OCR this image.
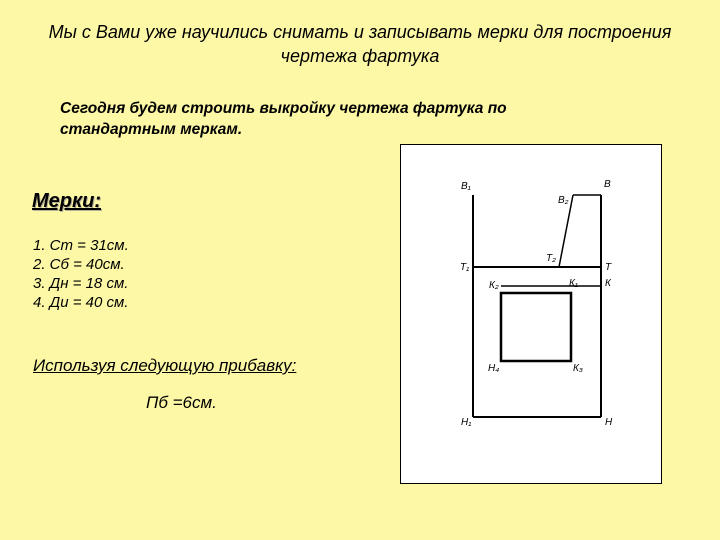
Мы с Вами уже научились снимать и записывать мерки для построения чертежа фартука
Сегодня будем строить выкройку чертежа фартука по стандартным меркам.
Мерки:
1. Ст = 31см.
2. Сб = 40см.
3. Дн = 18 см.
4. Ди = 40 см.
Используя следующую прибавку:
Пб =6см.
В₁	В
В₂
Т₁
Т₂
Т
К₂	К₁	К
Н₄	К₃
Н₁	Н
